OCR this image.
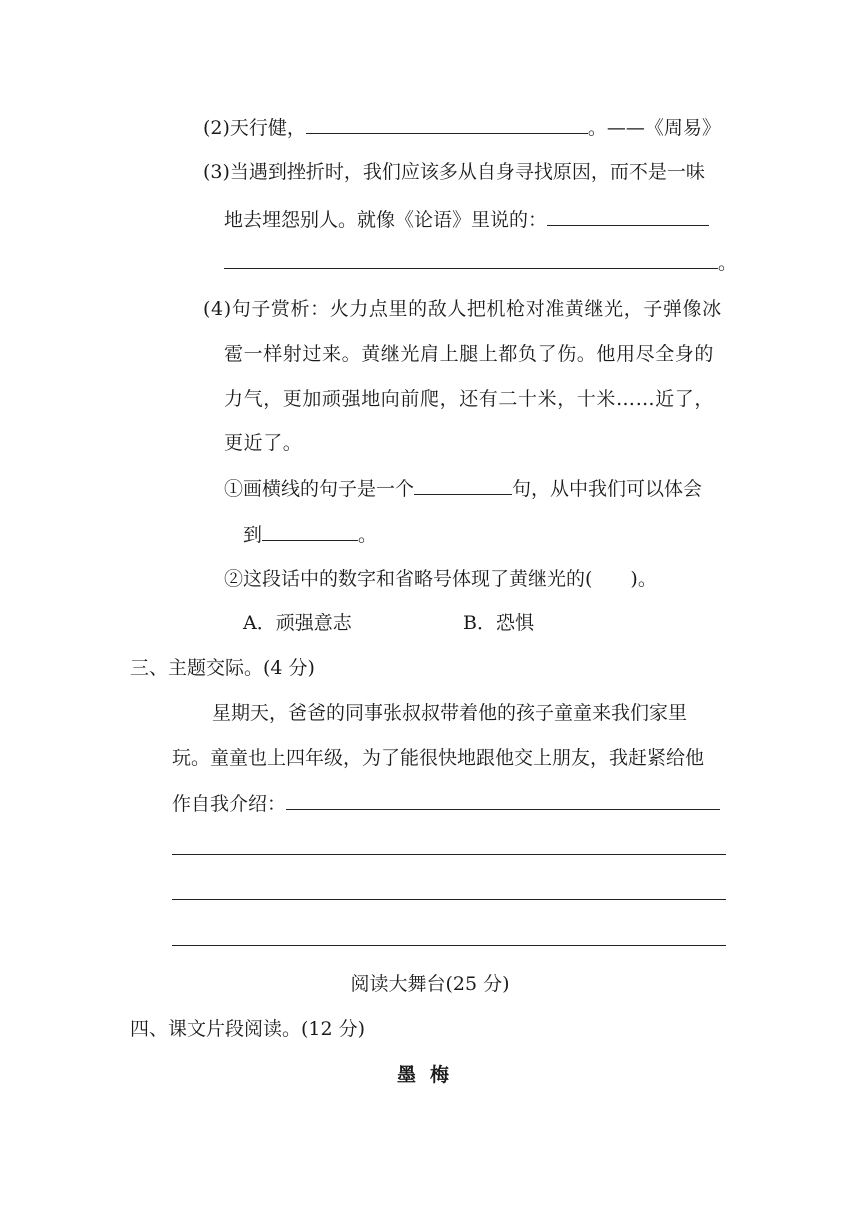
(2)天行健，	。——《周易》
(3)当遇到挫折时，我们应该多从自身寻找原因，而不是一味
地去埋怨别人。就像《论语》里说的：
。
(4)句子赏析：火力点里的敌人把机枪对准黄继光，子弹像冰
雹一样射过来。黄继光肩上腿上都负了伤。他用尽全身的
力气，更加顽强地向前爬，还有二十米，十米……近了，
更近了。
①画横线的句子是一个	句，从中我们可以体会
到	。
②这段话中的数字和省略号体现了黄继光的(　　)。
A．顽强意志	B．恐惧
三、主题交际。(4 分)
星期天，爸爸的同事张叔叔带着他的孩子童童来我们家里
玩。童童也上四年级，为了能很快地跟他交上朋友，我赶紧给他
作自我介绍：
阅读大舞台(25 分)
四、课文片段阅读。(12 分)
墨梅
